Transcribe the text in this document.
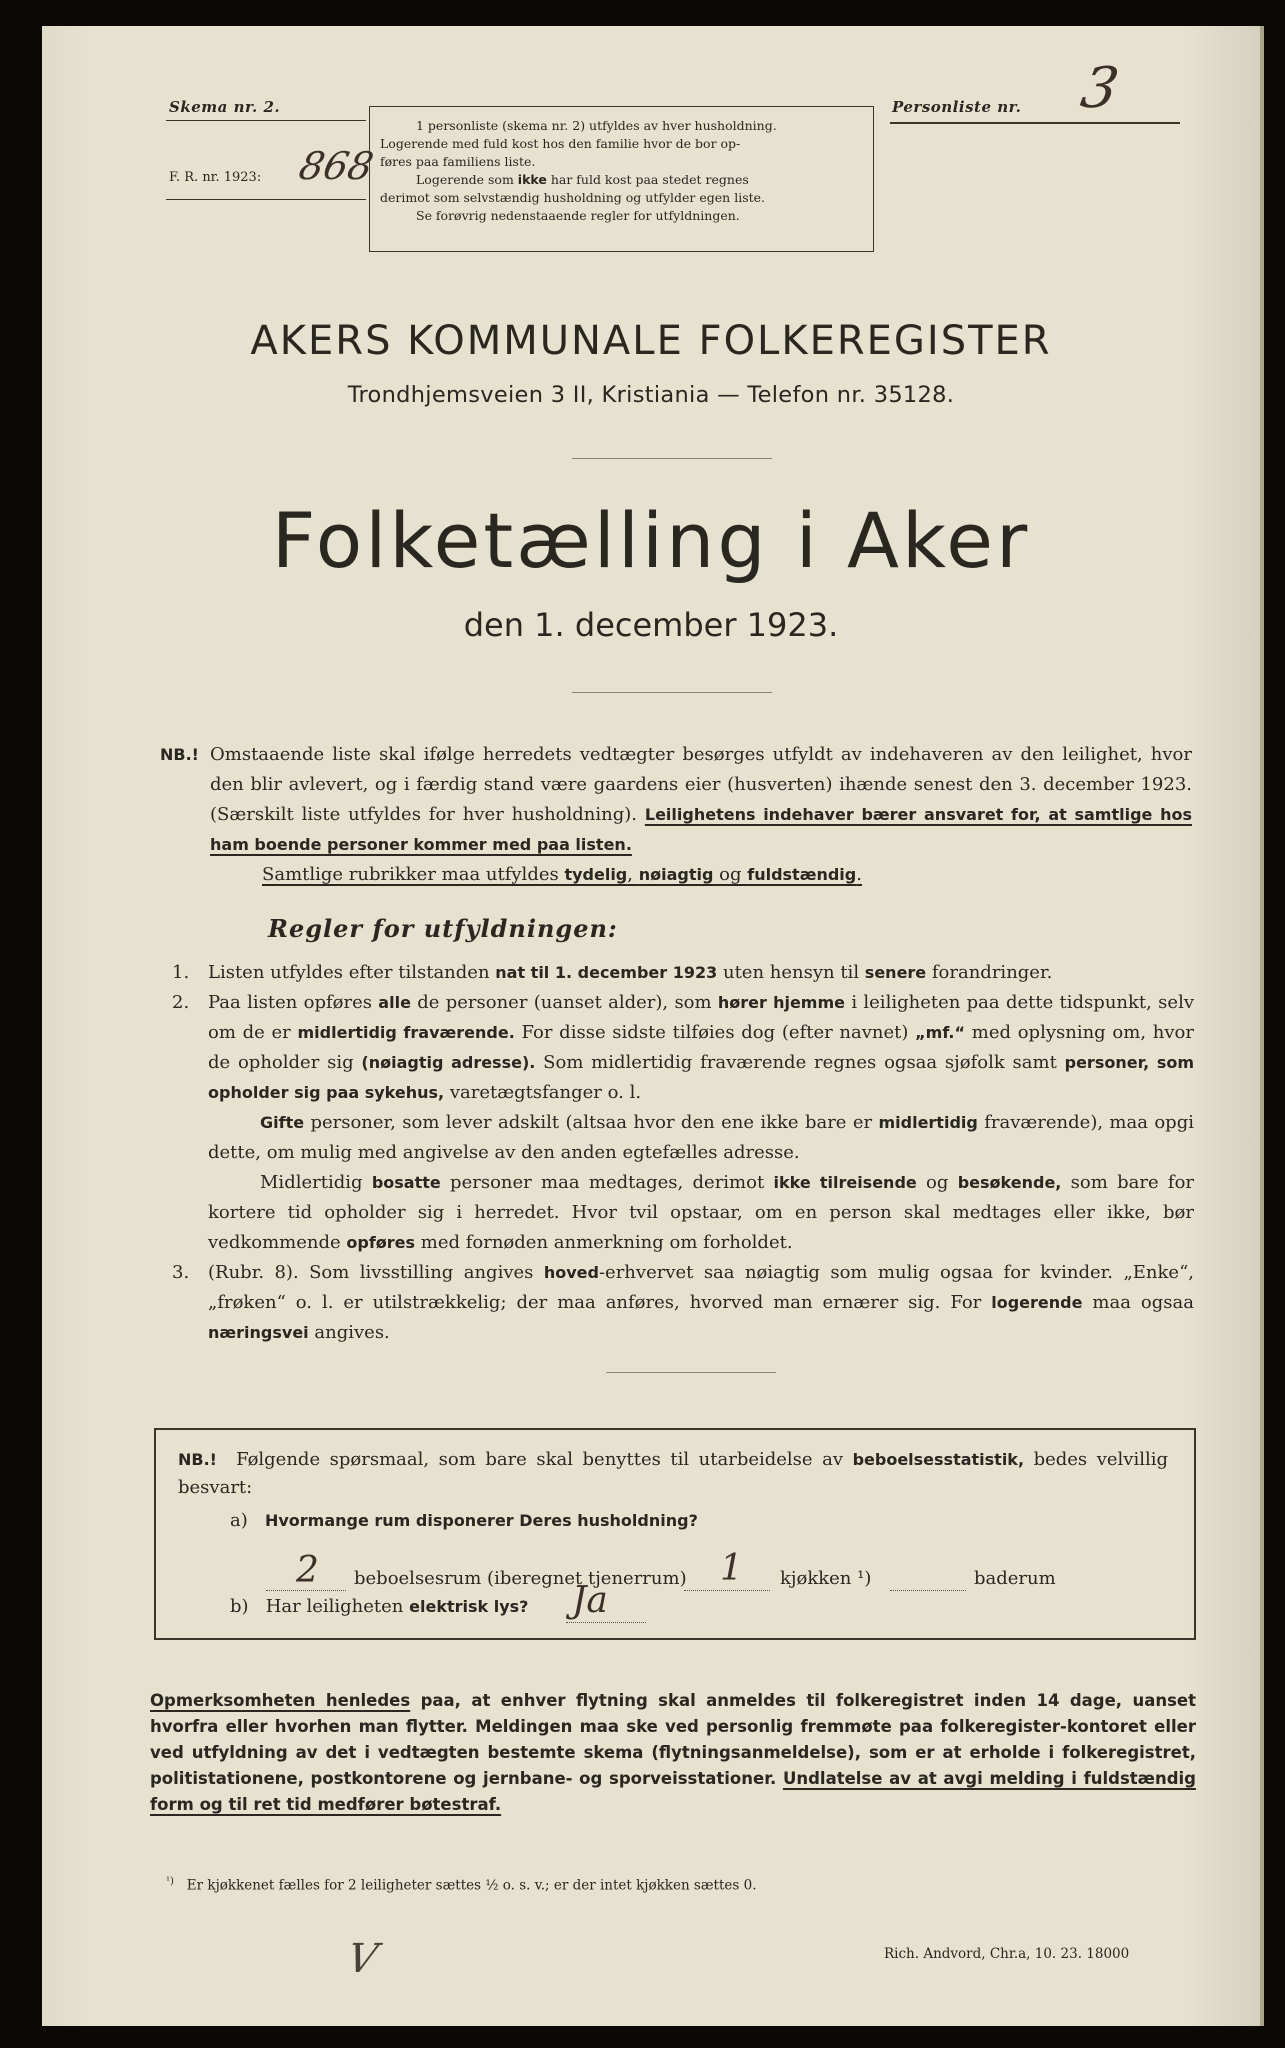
Skema nr. 2.
F. R. nr. 1923: 868

1 personliste (skema nr. 2) utfyldes av hver husholdning.

Logerende med fuld kost hos den familie hvor de bor op-

føres paa familiens liste.

Logerende som ikke har fuld kost paa stedet regnes

derimot som selvstændig husholdning og utfylder egen liste.

Se forøvrig nedenstaaende regler for utfyldningen.

Personliste nr. 3
AKERS KOMMUNALE FOLKEREGISTER
Trondhjemsveien 3 II, Kristiania — Telefon nr. 35128.
Folketælling i Aker
den 1. december 1923.
NB.! Omstaaende liste skal ifølge herredets vedtægter besørges utfyldt av indehaveren av den leilighet, hvor den blir avlevert, og i færdig stand være gaardens eier (husverten) ihænde senest den 3. december 1923. (Særskilt liste utfyldes for hver husholdning). Leilighetens indehaver bærer ansvaret for, at samtlige hos ham boende personer kommer med paa listen.
Samtlige rubrikker maa utfyldes tydelig, nøiagtig og fuldstændig.
Regler for utfyldningen:
1. Listen utfyldes efter tilstanden nat til 1. december 1923 uten hensyn til senere forandringer.
2. Paa listen opføres alle de personer (uanset alder), som hører hjemme i leiligheten paa dette tidspunkt, selv om de er midlertidig fraværende. For disse sidste tilføies dog (efter navnet) „mf.“ med oplysning om, hvor de opholder sig (nøiagtig adresse). Som midlertidig fraværende regnes ogsaa sjøfolk samt personer, som opholder sig paa sykehus, varetægtsfanger o. l.
Gifte personer, som lever adskilt (altsaa hvor den ene ikke bare er midlertidig fraværende), maa opgi dette, om mulig med angivelse av den anden egtefælles adresse.
Midlertidig bosatte personer maa medtages, derimot ikke tilreisende og besøkende, som bare for kortere tid opholder sig i herredet. Hvor tvil opstaar, om en person skal medtages eller ikke, bør vedkommende opføres med fornøden anmerkning om forholdet.
3. (Rubr. 8). Som livsstilling angives hoved-erhvervet saa nøiagtig som mulig ogsaa for kvinder. „Enke“, „frøken“ o. l. er utilstrækkelig; der maa anføres, hvorved man ernærer sig. For logerende maa ogsaa næringsvei angives.
NB.! Følgende spørsmaal, som bare skal benyttes til utarbeidelse av beboelsesstatistik, bedes velvillig besvart:
a) Hvormange rum disponerer Deres husholdning?
2 beboelsesrum (iberegnet tjenerrum) 1 kjøkken ¹)	baderum
b) Har leiligheten elektrisk lys? Ja
Opmerksomheten henledes paa, at enhver flytning skal anmeldes til folkeregistret inden 14 dage, uanset hvorfra eller hvorhen man flytter. Meldingen maa ske ved personlig fremmøte paa folkeregister-kontoret eller ved utfyldning av det i vedtægten bestemte skema (flytningsanmeldelse), som er at erholde i folkeregistret, politistationene, postkontorene og jernbane- og sporveisstationer. Undlatelse av at avgi melding i fuldstændig form og til ret tid medfører bøtestraf.
$^{^1)}$ Er kjøkkenet fælles for 2 leiligheter sættes ½ o. s. v.; er der intet kjøkken sættes 0.
Rich. Andvord, Chr.a, 10. 23. 18000
V
